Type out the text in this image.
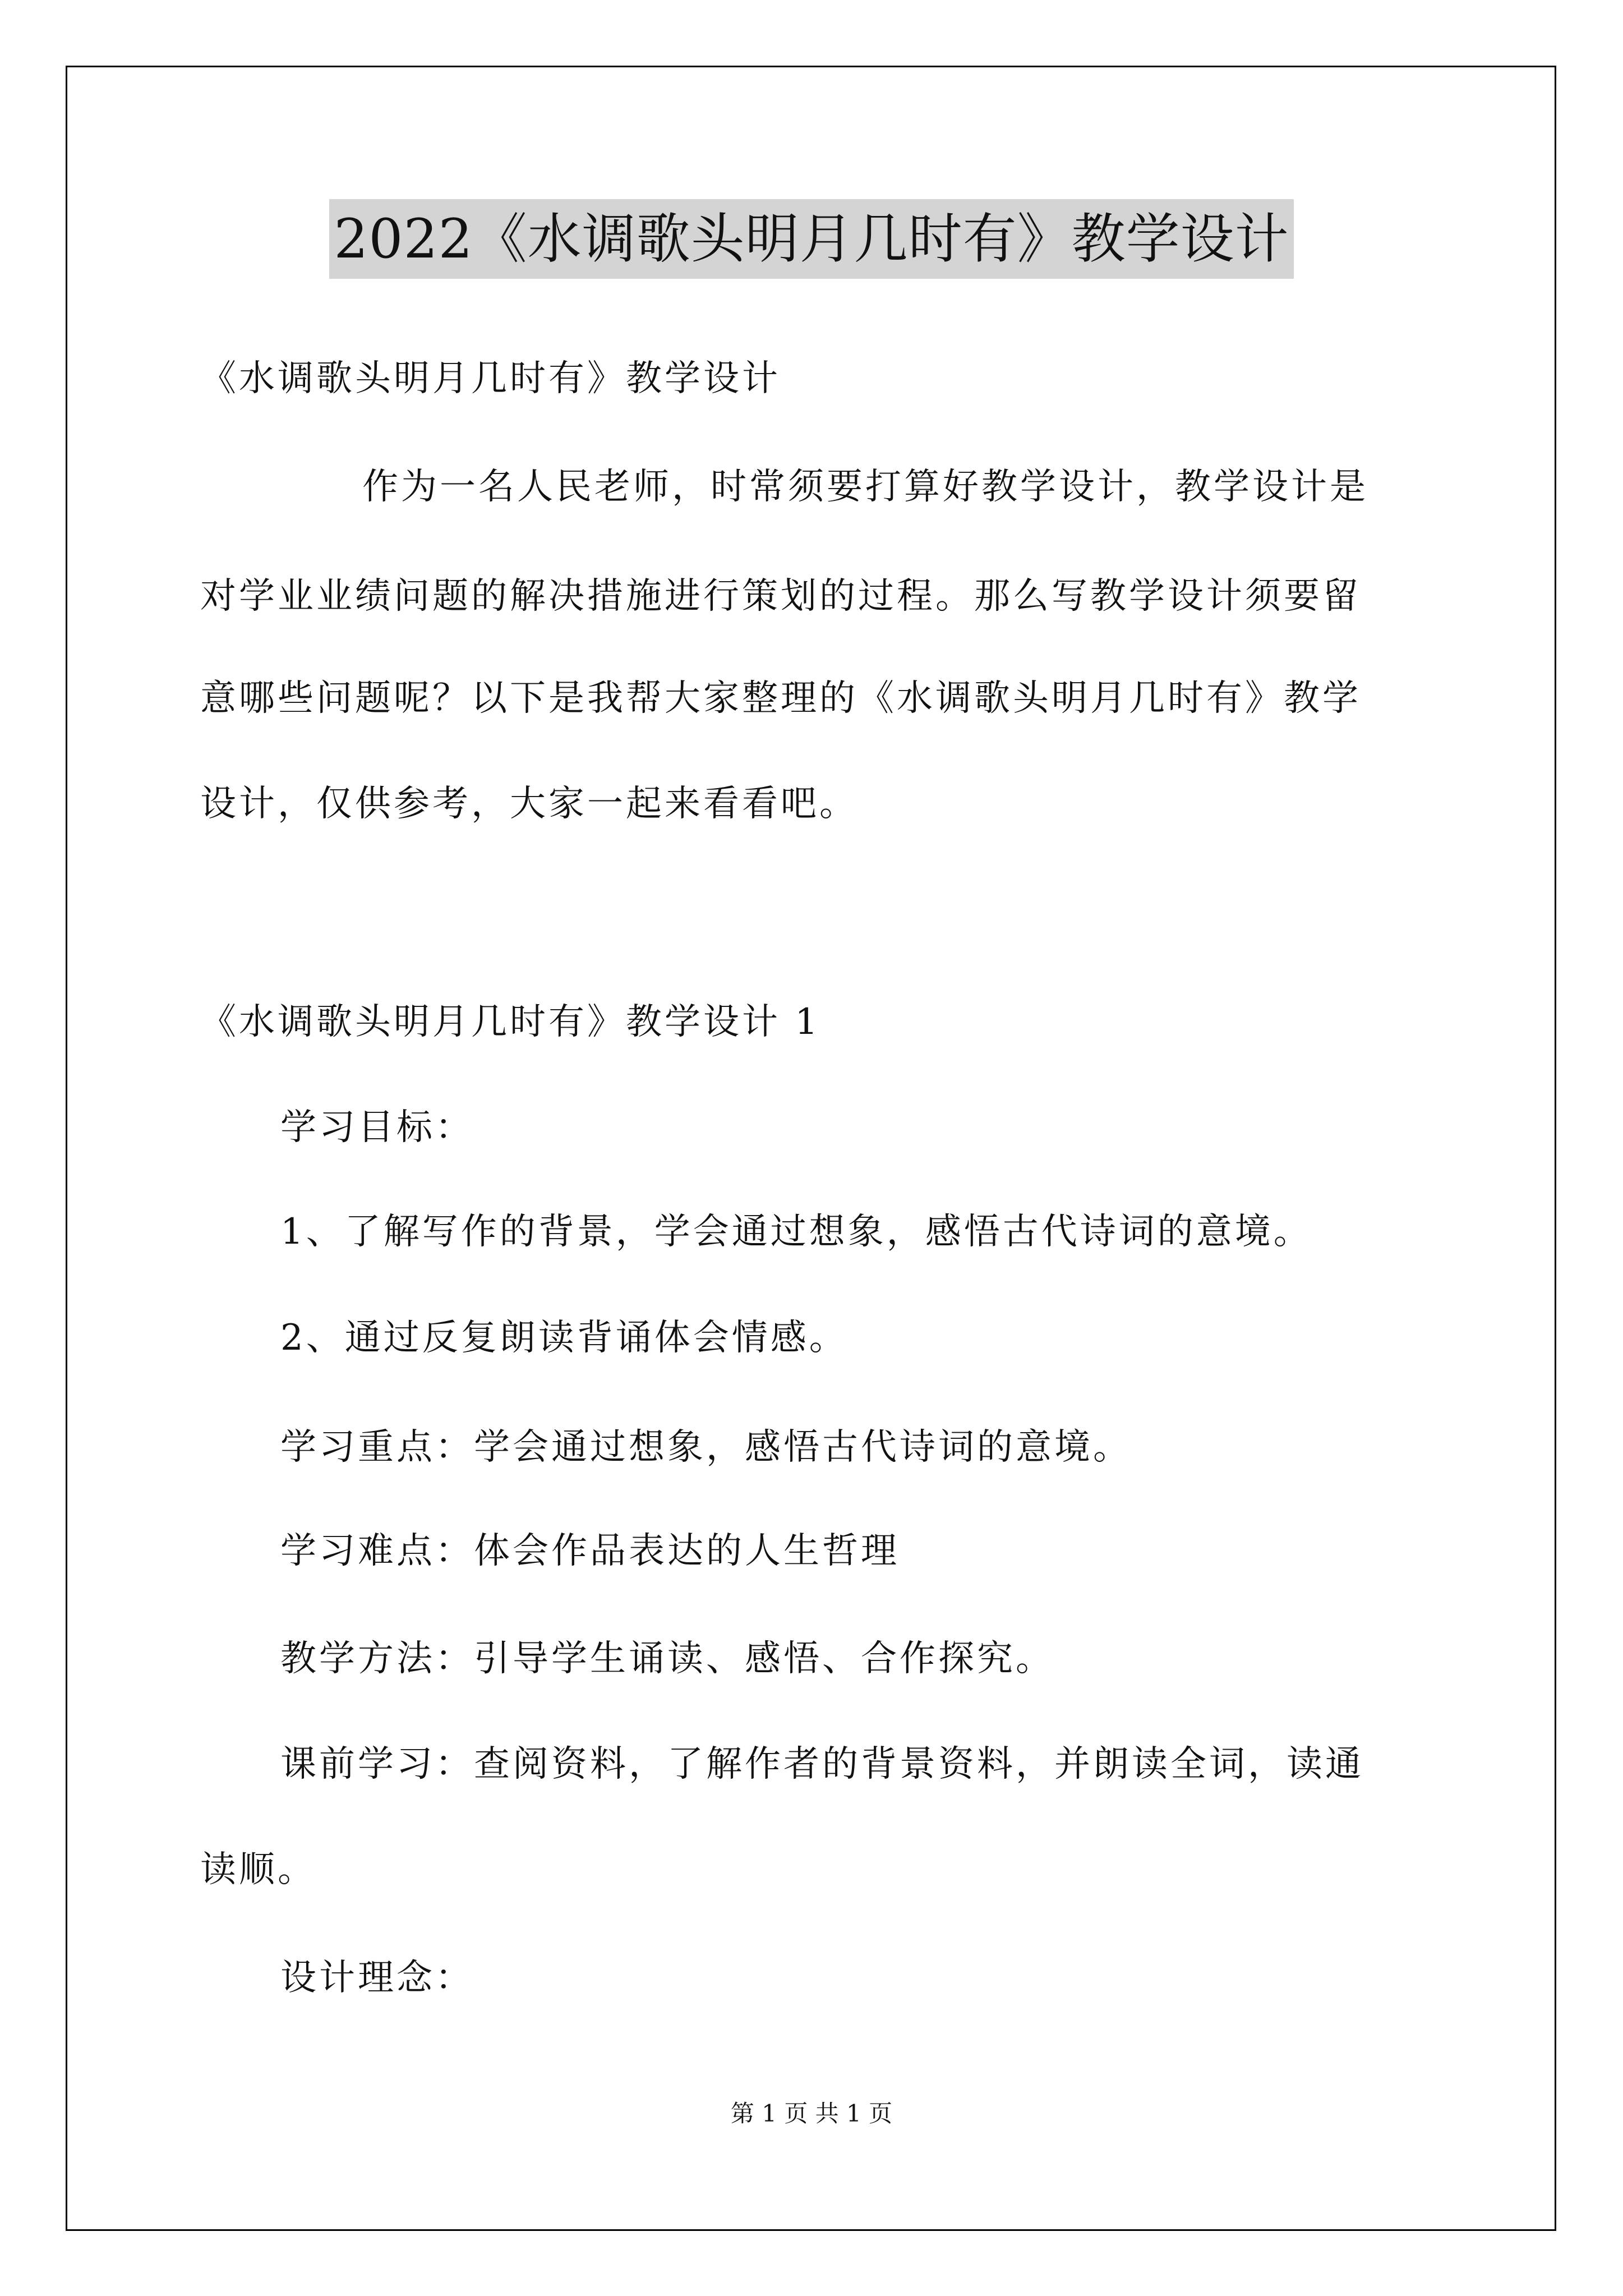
2022《水调歌头明月几时有》教学设计
《水调歌头明月几时有》教学设计
作为一名人民老师，时常须要打算好教学设计，教学设计是
对学业业绩问题的解决措施进行策划的过程。那么写教学设计须要留
意哪些问题呢？以下是我帮大家整理的《水调歌头明月几时有》教学
设计，仅供参考，大家一起来看看吧。
《水调歌头明月几时有》教学设计 1
学习目标：
1、了解写作的背景，学会通过想象，感悟古代诗词的意境。
2、通过反复朗读背诵体会情感。
学习重点：学会通过想象，感悟古代诗词的意境。
学习难点：体会作品表达的人生哲理
教学方法：引导学生诵读、感悟、合作探究。
课前学习：查阅资料，了解作者的背景资料，并朗读全词，读通
读顺。
设计理念：
第 1 页 共 1 页
